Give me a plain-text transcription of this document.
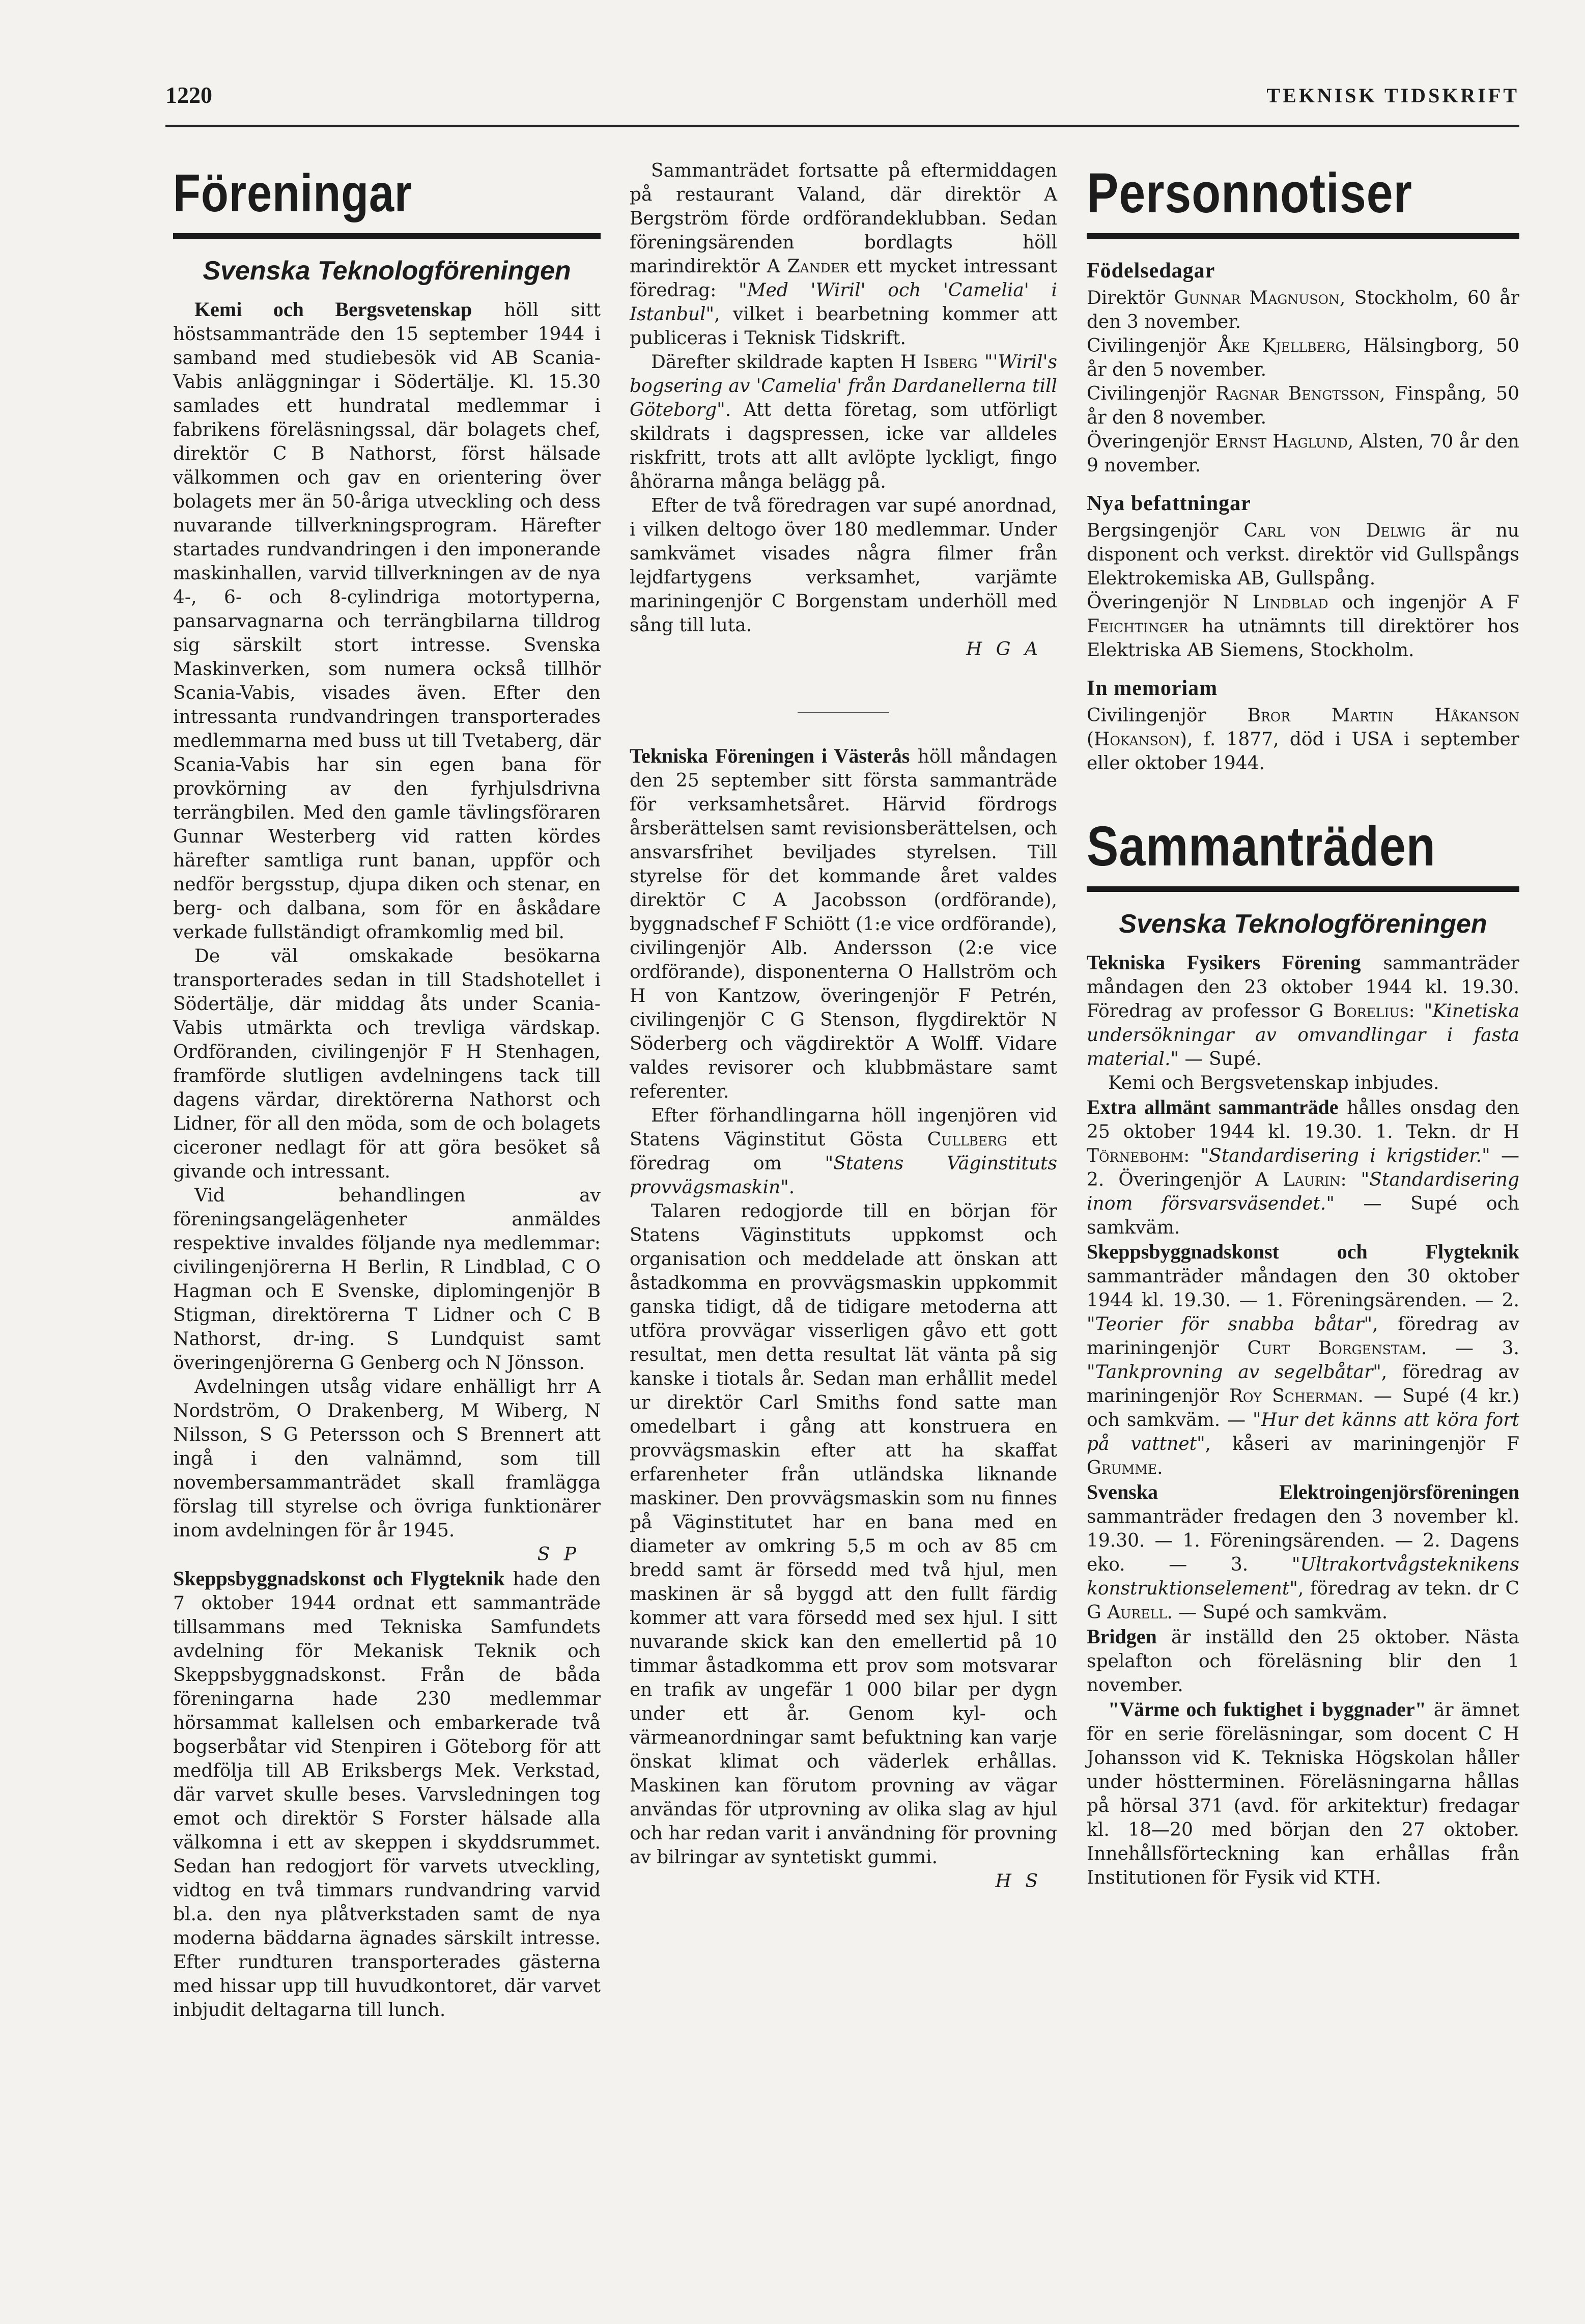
1220	TEKNISK TIDSKRIFT
Föreningar
Svenska Teknologföreningen

Kemi och Bergsvetenskap höll sitt höstsammanträde den 15 september 1944 i samband med studiebesök vid AB Scania-Vabis anläggningar i Södertälje. Kl. 15.30 samlades ett hundratal medlemmar i fabrikens föreläsningssal, där bolagets chef, direktör C B Nathorst, först hälsade välkommen och gav en orientering över bolagets mer än 50-åriga utveckling och dess nuvarande tillverkningsprogram. Härefter startades rundvandringen i den imponerande maskinhallen, varvid tillverkningen av de nya 4-, 6- och 8-cylindriga motortyperna, pansarvagnarna och terrängbilarna tilldrog sig särskilt stort intresse. Svenska Maskinverken, som numera också tillhör Scania-Vabis, visades även. Efter den intressanta rundvandringen transporterades medlemmarna med buss ut till Tvetaberg, där Scania-Vabis har sin egen bana för provkörning av den fyrhjulsdrivna terrängbilen. Med den gamle tävlingsföraren Gunnar Westerberg vid ratten kördes härefter samtliga runt banan, uppför och nedför bergsstup, djupa diken och stenar, en berg- och dalbana, som för en åskådare verkade fullständigt oframkomlig med bil.

De väl omskakade besökarna transporterades sedan in till Stadshotellet i Södertälje, där middag åts under Scania-Vabis utmärkta och trevliga värdskap. Ordföranden, civilingenjör F H Stenhagen, framförde slutligen avdelningens tack till dagens värdar, direktörerna Nathorst och Lidner, för all den möda, som de och bolagets ciceroner nedlagt för att göra besöket så givande och intressant.

Vid behandlingen av föreningsangelägenheter anmäldes respektive invaldes följande nya medlemmar: civilingenjörerna H Berlin, R Lindblad, C O Hagman och E Svenske, diplomingenjör B Stigman, direktörerna T Lidner och C B Nathorst, dr-ing. S Lundquist samt överingenjörerna G Genberg och N Jönsson.

Avdelningen utsåg vidare enhälligt hrr A Nordström, O Drakenberg, M Wiberg, N Nilsson, S G Petersson och S Brennert att ingå i den valnämnd, som till novembersammanträdet skall framlägga förslag till styrelse och övriga funktionärer inom avdelningen för år 1945.

S P

Skeppsbyggnadskonst och Flygteknik hade den 7 oktober 1944 ordnat ett sammanträde tillsammans med Tekniska Samfundets avdelning för Mekanisk Teknik och Skeppsbyggnadskonst. Från de båda föreningarna hade 230 medlemmar hörsammat kallelsen och embarkerade två bogserbåtar vid Stenpiren i Göteborg för att medfölja till AB Eriksbergs Mek. Verkstad, där varvet skulle beses. Varvsledningen tog emot och direktör S Forster hälsade alla välkomna i ett av skeppen i skyddsrummet. Sedan han redogjort för varvets utveckling, vidtog en två timmars rundvandring varvid bl.a. den nya plåtverkstaden samt de nya moderna bäddarna ägnades särskilt intresse. Efter rundturen transporterades gästerna med hissar upp till huvudkontoret, där varvet inbjudit deltagarna till lunch.

Sammanträdet fortsatte på eftermiddagen på restaurant Valand, där direktör A Bergström förde ordförandeklubban. Sedan föreningsärenden bordlagts höll marindirektör A Zander ett mycket intressant föredrag: "Med 'Wiril' och 'Camelia' i Istanbul", vilket i bearbetning kommer att publiceras i Teknisk Tidskrift.

Därefter skildrade kapten H Isberg "'Wiril's bogsering av 'Camelia' från Dardanellerna till Göteborg". Att detta företag, som utförligt skildrats i dagspressen, icke var alldeles riskfritt, trots att allt avlöpte lyckligt, fingo åhörarna många belägg på.

Efter de två föredragen var supé anordnad, i vilken deltogo över 180 medlemmar. Under samkvämet visades några filmer från lejdfartygens verksamhet, varjämte mariningenjör C Borgenstam underhöll med sång till luta.

H G A

Tekniska Föreningen i Västerås höll måndagen den 25 september sitt första sammanträde för verksamhetsåret. Härvid fördrogs årsberättelsen samt revisionsberättelsen, och ansvarsfrihet beviljades styrelsen. Till styrelse för det kommande året valdes direktör C A Jacobsson (ordförande), byggnadschef F Schiött (1:e vice ordförande), civilingenjör Alb. Andersson (2:e vice ordförande), disponenterna O Hallström och H von Kantzow, överingenjör F Petrén, civilingenjör C G Stenson, flygdirektör N Söderberg och vägdirektör A Wolff. Vidare valdes revisorer och klubbmästare samt referenter.

Efter förhandlingarna höll ingenjören vid Statens Väginstitut Gösta Cullberg ett föredrag om "Statens Väginstituts provvägsmaskin".

Talaren redogjorde till en början för Statens Väginstituts uppkomst och organisation och meddelade att önskan att åstadkomma en provvägsmaskin uppkommit ganska tidigt, då de tidigare metoderna att utföra provvägar visserligen gåvo ett gott resultat, men detta resultat lät vänta på sig kanske i tiotals år. Sedan man erhållit medel ur direktör Carl Smiths fond satte man omedelbart i gång att konstruera en provvägsmaskin efter att ha skaffat erfarenheter från utländska liknande maskiner. Den provvägsmaskin som nu finnes på Väginstitutet har en bana med en diameter av omkring 5,5 m och av 85 cm bredd samt är försedd med två hjul, men maskinen är så byggd att den fullt färdig kommer att vara försedd med sex hjul. I sitt nuvarande skick kan den emellertid på 10 timmar åstadkomma ett prov som motsvarar en trafik av ungefär 1 000 bilar per dygn under ett år. Genom kyl- och värmeanordningar samt befuktning kan varje önskat klimat och väderlek erhållas. Maskinen kan förutom provning av vägar användas för utprovning av olika slag av hjul och har redan varit i användning för provning av bilringar av syntetiskt gummi.

H S
Personnotiser
Födelsedagar

Direktör Gunnar Magnuson, Stockholm, 60 år den 3 november.

Civilingenjör Åke Kjellberg, Hälsingborg, 50 år den 5 november.

Civilingenjör Ragnar Bengtsson, Finspång, 50 år den 8 november.

Överingenjör Ernst Haglund, Alsten, 70 år den 9 november.

Nya befattningar

Bergsingenjör Carl von Delwig är nu disponent och verkst. direktör vid Gullspångs Elektrokemiska AB, Gullspång.

Överingenjör N Lindblad och ingenjör A F Feichtinger ha utnämnts till direktörer hos Elektriska AB Siemens, Stockholm.

In memoriam

Civilingenjör Bror Martin Håkanson (Hokanson), f. 1877, död i USA i september eller oktober 1944.

Sammanträden
Svenska Teknologföreningen

Tekniska Fysikers Förening sammanträder måndagen den 23 oktober 1944 kl. 19.30. Föredrag av professor G Borelius: "Kinetiska undersökningar av omvandlingar i fasta material." — Supé.

Kemi och Bergsvetenskap inbjudes.

Extra allmänt sammanträde hålles onsdag den 25 oktober 1944 kl. 19.30. 1. Tekn. dr H Törnebohm: "Standardisering i krigstider." — 2. Överingenjör A Laurin: "Standardisering inom försvarsväsendet." — Supé och samkväm.

Skeppsbyggnadskonst och Flygteknik sammanträder måndagen den 30 oktober 1944 kl. 19.30. — 1. Föreningsärenden. — 2. "Teorier för snabba båtar", föredrag av mariningenjör Curt Borgenstam. — 3. "Tankprovning av segelbåtar", föredrag av mariningenjör Roy Scherman. — Supé (4 kr.) och samkväm. — "Hur det känns att köra fort på vattnet", kåseri av mariningenjör F Grumme.

Svenska Elektroingenjörsföreningen sammanträder fredagen den 3 november kl. 19.30. — 1. Föreningsärenden. — 2. Dagens eko. — 3. "Ultrakortvågsteknikens konstruktionselement", föredrag av tekn. dr C G Aurell. — Supé och samkväm.

Bridgen är inställd den 25 oktober. Nästa spelafton och föreläsning blir den 1 november.

"Värme och fuktighet i byggnader" är ämnet för en serie föreläsningar, som docent C H Johansson vid K. Tekniska Högskolan håller under höstterminen. Föreläsningarna hållas på hörsal 371 (avd. för arkitektur) fredagar kl. 18—20 med början den 27 oktober. Innehållsförteckning kan erhållas från Institutionen för Fysik vid KTH.
